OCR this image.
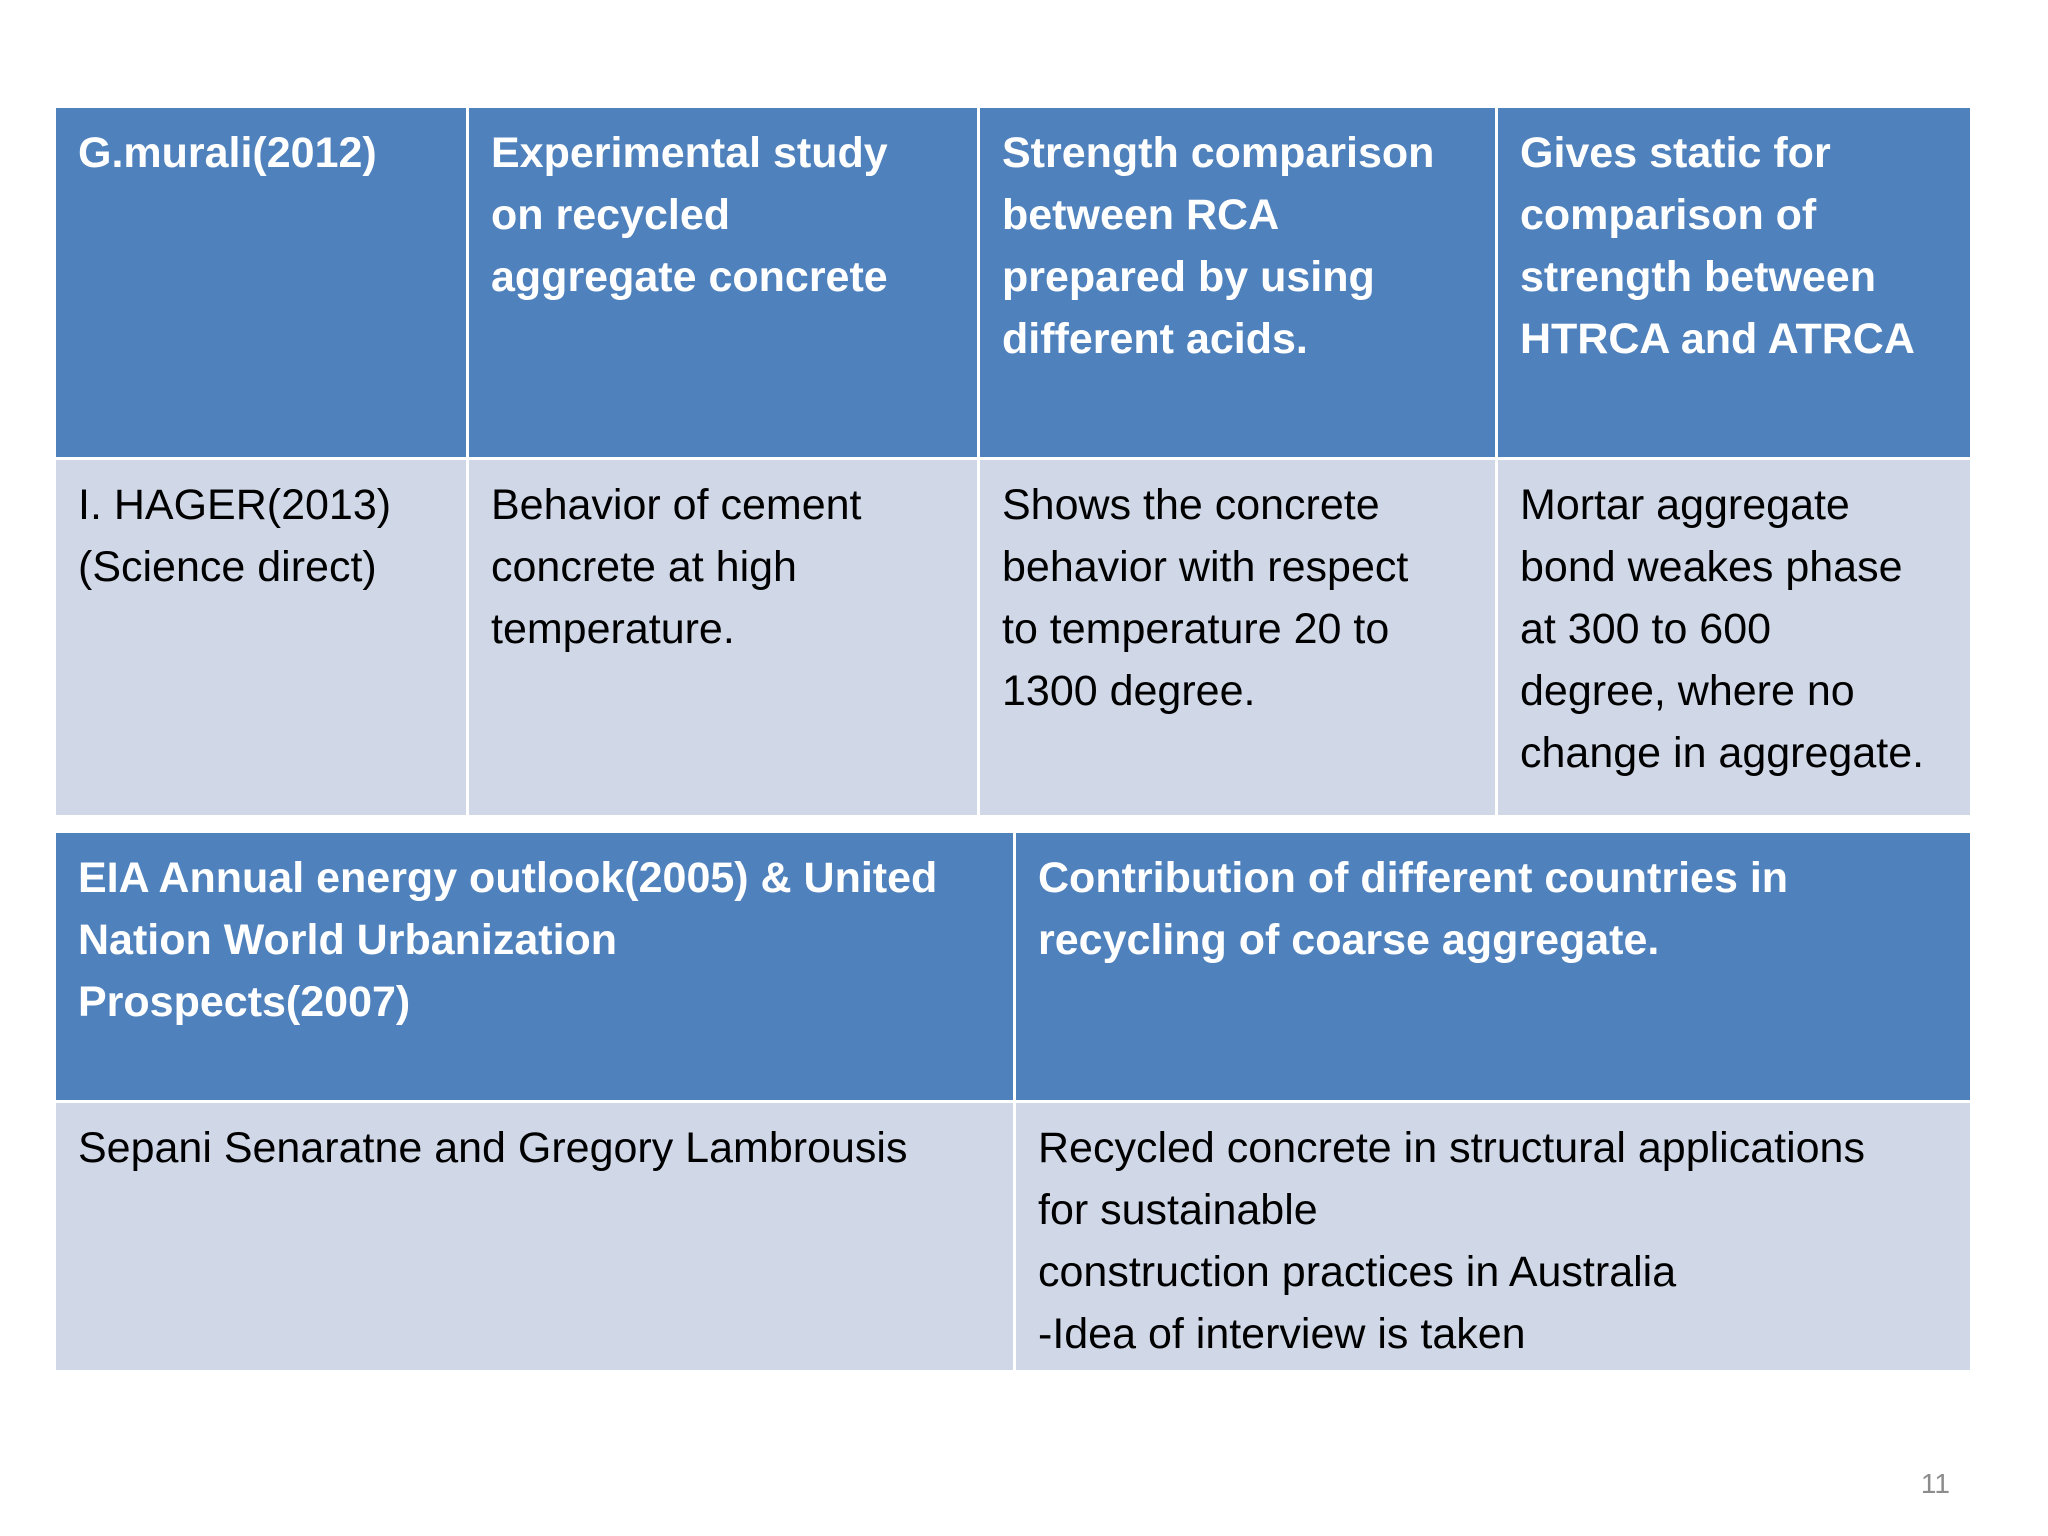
G.murali(2012)	Experimental study
on recycled
aggregate concrete	Strength comparison
between RCA
prepared by using
different acids.	Gives static for
comparison of
strength between
HTRCA and ATRCA

I. HAGER(2013)
(Science direct)	Behavior of cement
concrete at high
temperature.	Shows the concrete
behavior with respect
to temperature 20 to
1300 degree.	Mortar aggregate
bond weakes phase
at 300 to 600
degree, where no
change in aggregate.
EIA Annual energy outlook(2005) & United
Nation World Urbanization
Prospects(2007)	Contribution of different countries in
recycling of coarse aggregate.

Sepani Senaratne and Gregory Lambrousis	Recycled concrete in structural applications
for sustainable
construction practices in Australia
-Idea of interview is taken
11
